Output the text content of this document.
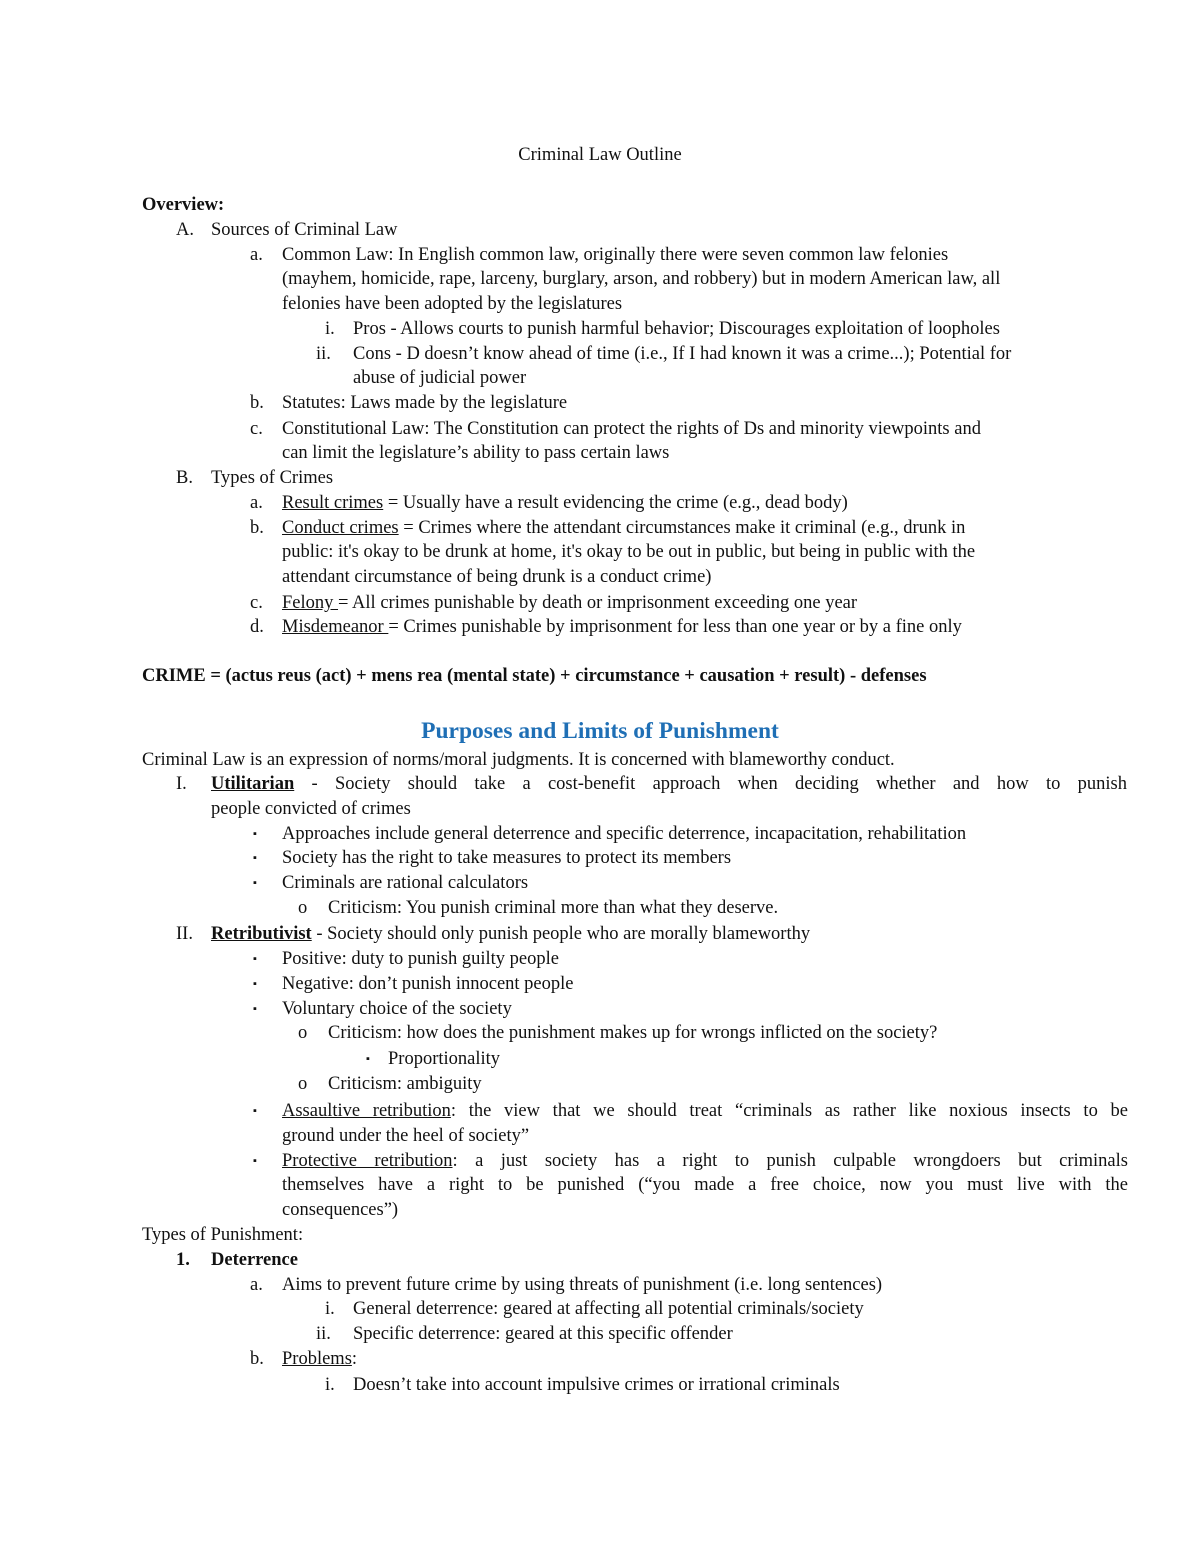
Criminal Law Outline
Overview:
A. Sources of Criminal Law
a. Common Law: In English common law, originally there were seven common law felonies
(mayhem, homicide, rape, larceny, burglary, arson, and robbery) but in modern American law, all
felonies have been adopted by the legislatures
i. Pros - Allows courts to punish harmful behavior; Discourages exploitation of loopholes
ii. Cons - D doesn’t know ahead of time (i.e., If I had known it was a crime...); Potential for
abuse of judicial power
b. Statutes: Laws made by the legislature
c. Constitutional Law: The Constitution can protect the rights of Ds and minority viewpoints and
can limit the legislature’s ability to pass certain laws
B. Types of Crimes
a. Result crimes = Usually have a result evidencing the crime (e.g., dead body)
b. Conduct crimes = Crimes where the attendant circumstances make it criminal (e.g., drunk in
public: it's okay to be drunk at home, it's okay to be out in public, but being in public with the
attendant circumstance of being drunk is a conduct crime)
c. Felony = All crimes punishable by death or imprisonment exceeding one year
d. Misdemeanor = Crimes punishable by imprisonment for less than one year or by a fine only
CRIME = (actus reus (act) + mens rea (mental state) + circumstance + causation + result) - defenses
Purposes and Limits of Punishment
Criminal Law is an expression of norms/moral judgments. It is concerned with blameworthy conduct.
I. Utilitarian - Society should take a cost-benefit approach when deciding whether and how to punish
people convicted of crimes
▪ Approaches include general deterrence and specific deterrence, incapacitation, rehabilitation
▪ Society has the right to take measures to protect its members
▪ Criminals are rational calculators
o Criticism: You punish criminal more than what they deserve.
II. Retributivist - Society should only punish people who are morally blameworthy
▪ Positive: duty to punish guilty people
▪ Negative: don’t punish innocent people
▪ Voluntary choice of the society
o Criticism: how does the punishment makes up for wrongs inflicted on the society?
▪ Proportionality
o Criticism: ambiguity
▪ Assaultive retribution: the view that we should treat “criminals as rather like noxious insects to be
ground under the heel of society”
▪ Protective retribution: a just society has a right to punish culpable wrongdoers but criminals
themselves have a right to be punished (“you made a free choice, now you must live with the
consequences”)
Types of Punishment:
1. Deterrence
a. Aims to prevent future crime by using threats of punishment (i.e. long sentences)
i. General deterrence: geared at affecting all potential criminals/society
ii. Specific deterrence: geared at this specific offender
b. Problems:
i. Doesn’t take into account impulsive crimes or irrational criminals
